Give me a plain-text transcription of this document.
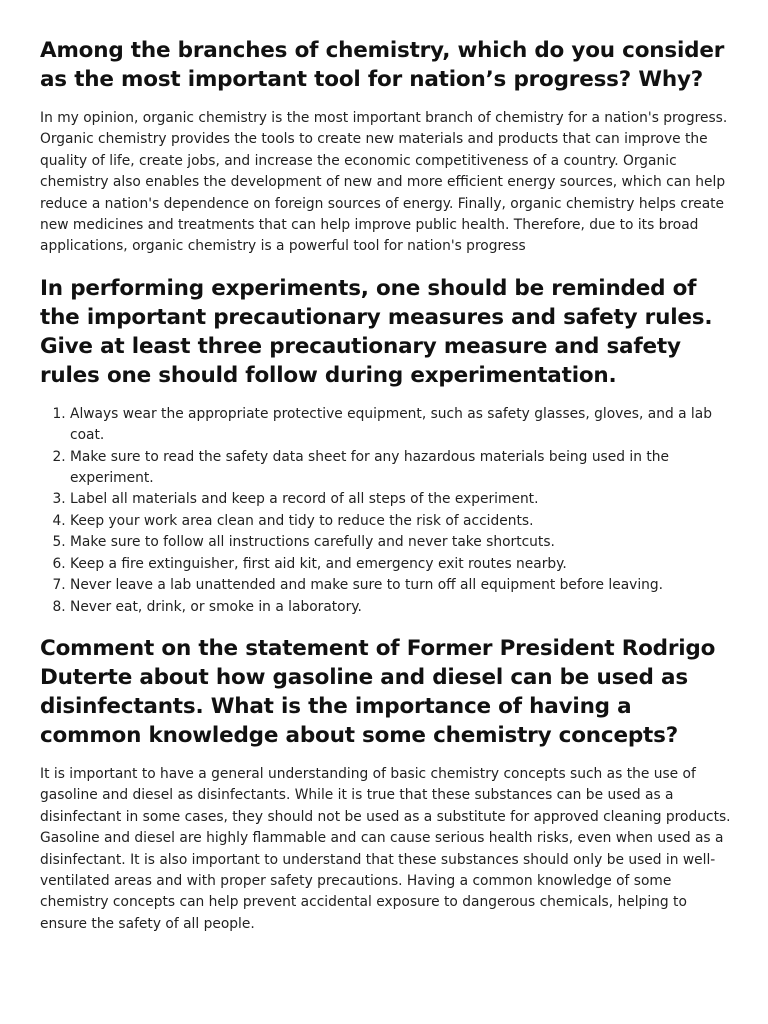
Among the branches of chemistry, which do you consider as the most important tool for nation’s progress? Why?

In my opinion, organic chemistry is the most important branch of chemistry for a nation's progress. Organic chemistry provides the tools to create new materials and products that can improve the quality of life, create jobs, and increase the economic competitiveness of a country. Organic chemistry also enables the development of new and more efficient energy sources, which can help reduce a nation's dependence on foreign sources of energy. Finally, organic chemistry helps create new medicines and treatments that can help improve public health. Therefore, due to its broad applications, organic chemistry is a powerful tool for nation's progress

In performing experiments, one should be reminded of the important precautionary measures and safety rules. Give at least three precautionary measure and safety rules one should follow during experimentation.
1. Always wear the appropriate protective equipment, such as safety glasses, gloves, and a lab coat.
2. Make sure to read the safety data sheet for any hazardous materials being used in the experiment.
3. Label all materials and keep a record of all steps of the experiment.
4. Keep your work area clean and tidy to reduce the risk of accidents.
5. Make sure to follow all instructions carefully and never take shortcuts.
6. Keep a fire extinguisher, first aid kit, and emergency exit routes nearby.
7. Never leave a lab unattended and make sure to turn off all equipment before leaving.
8. Never eat, drink, or smoke in a laboratory.
Comment on the statement of Former President Rodrigo Duterte about how gasoline and diesel can be used as disinfectants. What is the importance of having a common knowledge about some chemistry concepts?

It is important to have a general understanding of basic chemistry concepts such as the use of gasoline and diesel as disinfectants. While it is true that these substances can be used as a disinfectant in some cases, they should not be used as a substitute for approved cleaning products. Gasoline and diesel are highly flammable and can cause serious health risks, even when used as a disinfectant. It is also important to understand that these substances should only be used in well-ventilated areas and with proper safety precautions. Having a common knowledge of some chemistry concepts can help prevent accidental exposure to dangerous chemicals, helping to ensure the safety of all people.
